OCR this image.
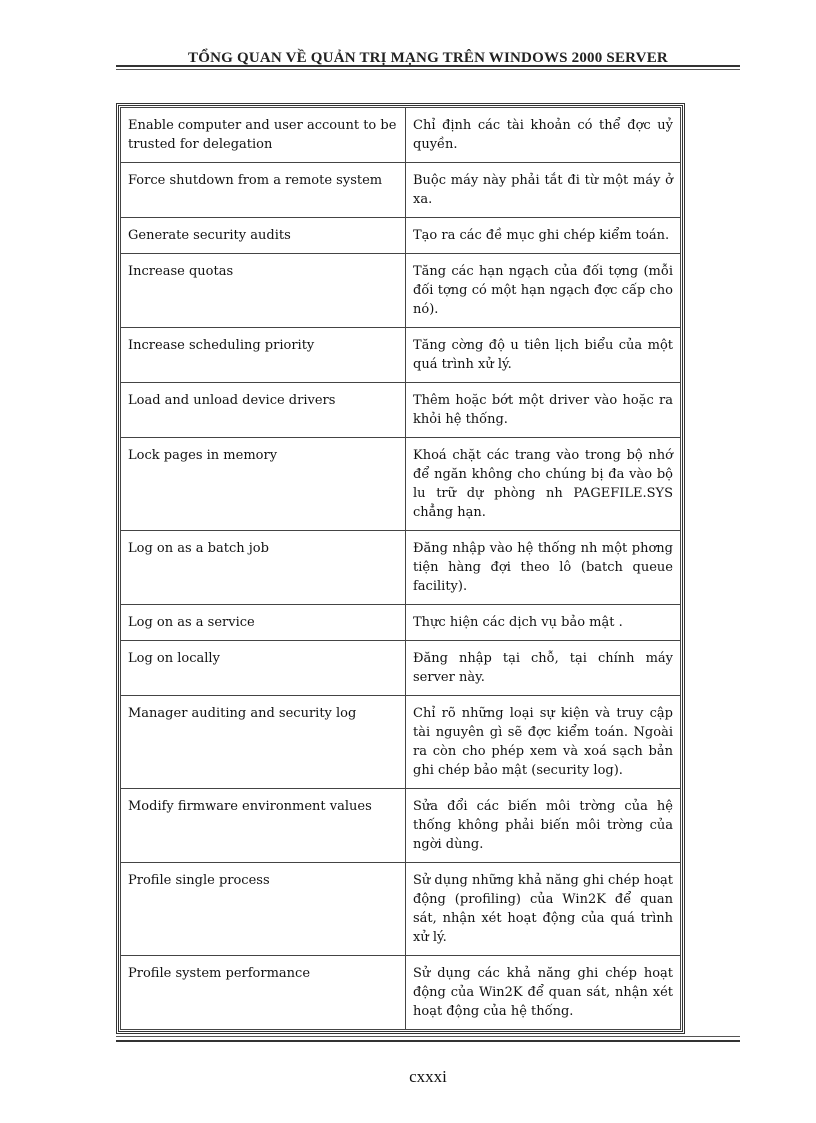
TỔNG QUAN VỀ QUẢN TRỊ MẠNG TRÊN WINDOWS 2000 SERVER
Enable computer and user account to be trusted for delegation	Chỉ định các tài khoản có thể đợc uỷ quyền.
Force shutdown from a remote system	Buộc máy này phải tắt đi từ một máy ở xa.
Generate security audits	Tạo ra các đề mục ghi chép kiểm toán.
Increase quotas	Tăng các hạn ngạch của đối tợng (mỗi đối tợng có một hạn ngạch đợc cấp cho nó).
Increase scheduling priority	Tăng cờng độ u tiên lịch biểu của một quá trình xử lý.
Load and unload device drivers	Thêm hoặc bớt một driver vào hoặc ra khỏi hệ thống.
Lock pages in memory	Khoá chặt các trang vào trong bộ nhớ để ngăn không cho chúng bị đa vào bộ lu trữ dự phòng nh PAGEFILE.SYS chẳng hạn.
Log on as a batch job	Đăng nhập vào hệ thống nh một phơng tiện hàng đợi theo lô (batch queue facility).
Log on as a service	Thực hiện các dịch vụ bảo mật .
Log on locally	Đăng nhập tại chỗ, tại chính máy server này.
Manager auditing and security log	Chỉ rõ những loại sự kiện và truy cập tài nguyên gì sẽ đợc kiểm toán. Ngoài ra còn cho phép xem và xoá sạch bản ghi chép bảo mật (security log).
Modify firmware environment values	Sửa đổi các biến môi trờng của hệ thống không phải biến môi trờng của ngời dùng.
Profile single process	Sử dụng những khả năng ghi chép hoạt động (profiling) của Win2K để quan sát, nhận xét hoạt động của quá trình xử lý.
Profile system performance	Sử dụng các khả năng ghi chép hoạt động của Win2K để quan sát, nhận xét hoạt động của hệ thống.
cxxxi
